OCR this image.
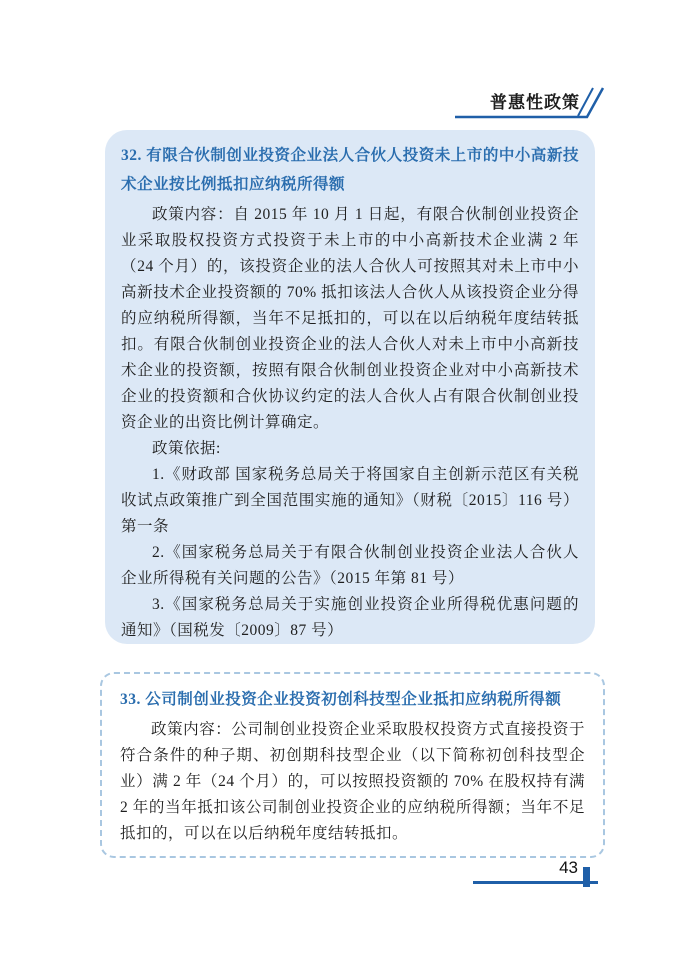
普惠性政策
32. 有限合伙制创业投资企业法人合伙人投资未上市的中小高新技术企业按比例抵扣应纳税所得额

政策内容：自 2015 年 10 月 1 日起，有限合伙制创业投资企业采取股权投资方式投资于未上市的中小高新技术企业满 2 年（24 个月）的，该投资企业的法人合伙人可按照其对未上市中小高新技术企业投资额的 70% 抵扣该法人合伙人从该投资企业分得的应纳税所得额，当年不足抵扣的，可以在以后纳税年度结转抵扣。有限合伙制创业投资企业的法人合伙人对未上市中小高新技术企业的投资额，按照有限合伙制创业投资企业对中小高新技术企业的投资额和合伙协议约定的法人合伙人占有限合伙制创业投资企业的出资比例计算确定。

政策依据:

1.《财政部 国家税务总局关于将国家自主创新示范区有关税收试点政策推广到全国范围实施的通知》（财税〔2015〕116 号）第一条

2.《国家税务总局关于有限合伙制创业投资企业法人合伙人企业所得税有关问题的公告》（2015 年第 81 号）

3.《国家税务总局关于实施创业投资企业所得税优惠问题的通知》（国税发〔2009〕87 号）

33. 公司制创业投资企业投资初创科技型企业抵扣应纳税所得额

政策内容：公司制创业投资企业采取股权投资方式直接投资于符合条件的种子期、初创期科技型企业（以下简称初创科技型企业）满 2 年（24 个月）的，可以按照投资额的 70% 在股权持有满 2 年的当年抵扣该公司制创业投资企业的应纳税所得额；当年不足抵扣的，可以在以后纳税年度结转抵扣。

43
